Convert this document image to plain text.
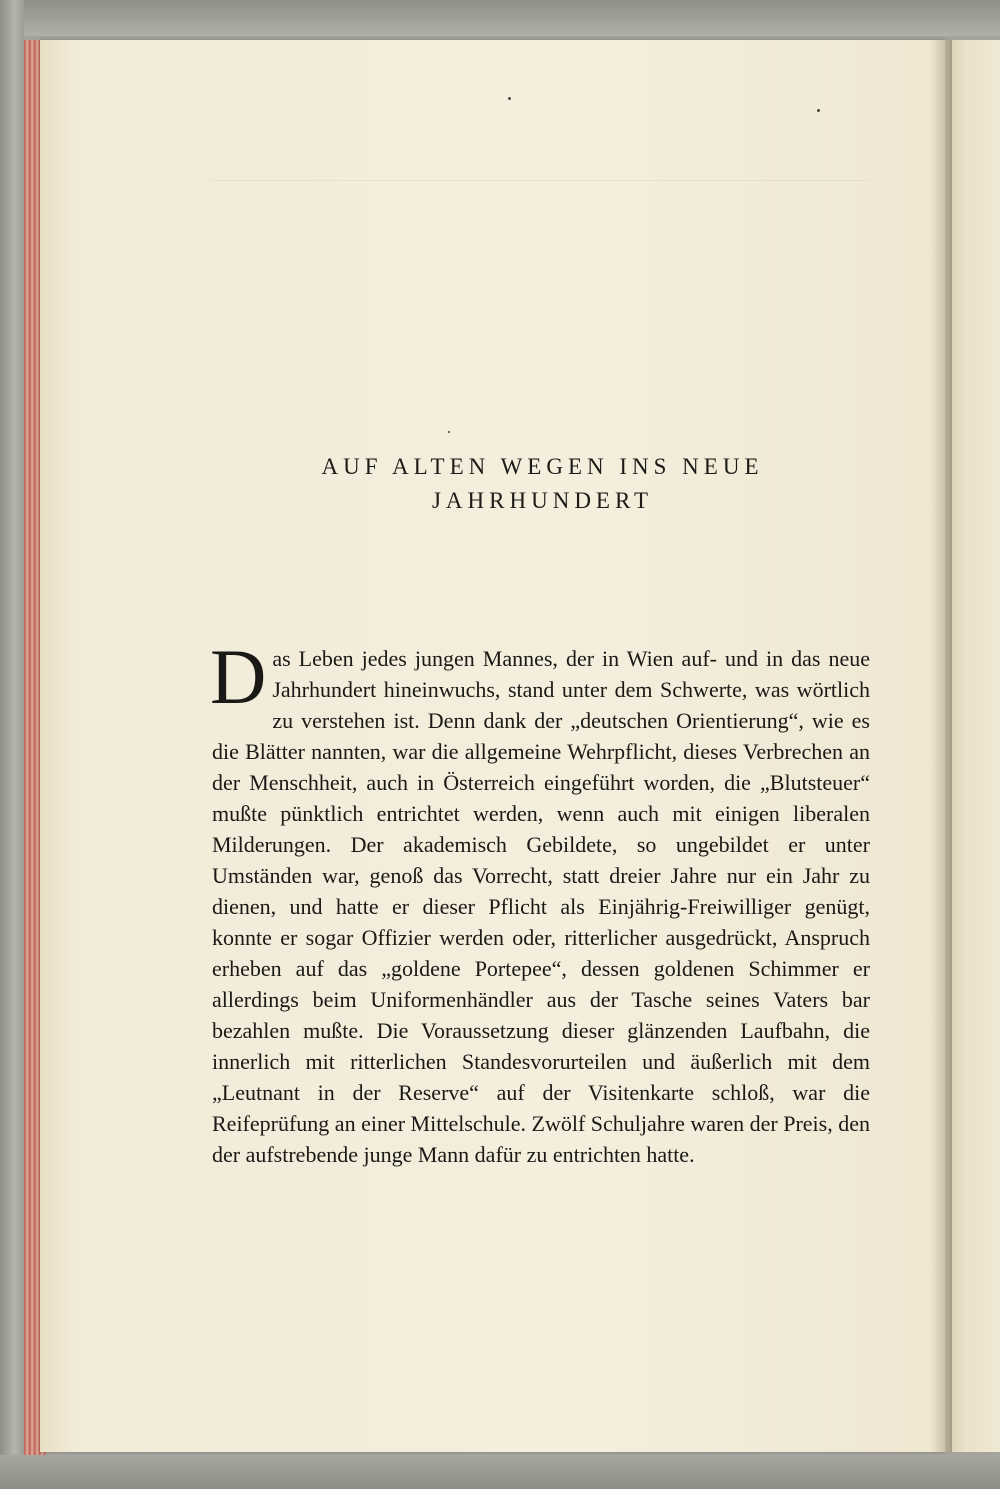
AUF ALTEN WEGEN INS NEUE
JAHRHUNDERT

Das Leben jedes jungen Mannes, der in Wien auf- und in das neue Jahrhundert hineinwuchs, stand unter dem Schwerte, was wörtlich zu verstehen ist. Denn dank der „deutschen Orientierung“, wie es die Blätter nannten, war die allgemeine Wehrpflicht, dieses Verbrechen an der Menschheit, auch in Österreich eingeführt worden, die „Blutsteuer“ mußte pünktlich entrichtet werden, wenn auch mit einigen liberalen Milderungen. Der akademisch Gebildete, so ungebildet er unter Umständen war, genoß das Vorrecht, statt dreier Jahre nur ein Jahr zu dienen, und hatte er dieser Pflicht als Einjährig-Freiwilliger genügt, konnte er sogar Offizier werden oder, ritterlicher ausgedrückt, Anspruch erheben auf das „goldene Portepee“, dessen goldenen Schimmer er allerdings beim Uniformenhändler aus der Tasche seines Vaters bar bezahlen mußte. Die Voraussetzung dieser glänzenden Laufbahn, die innerlich mit ritterlichen Standesvorurteilen und äußerlich mit dem „Leutnant in der Reserve“ auf der Visitenkarte schloß, war die Reifeprüfung an einer Mittelschule. Zwölf Schuljahre waren der Preis, den der aufstrebende junge Mann dafür zu entrichten hatte.
